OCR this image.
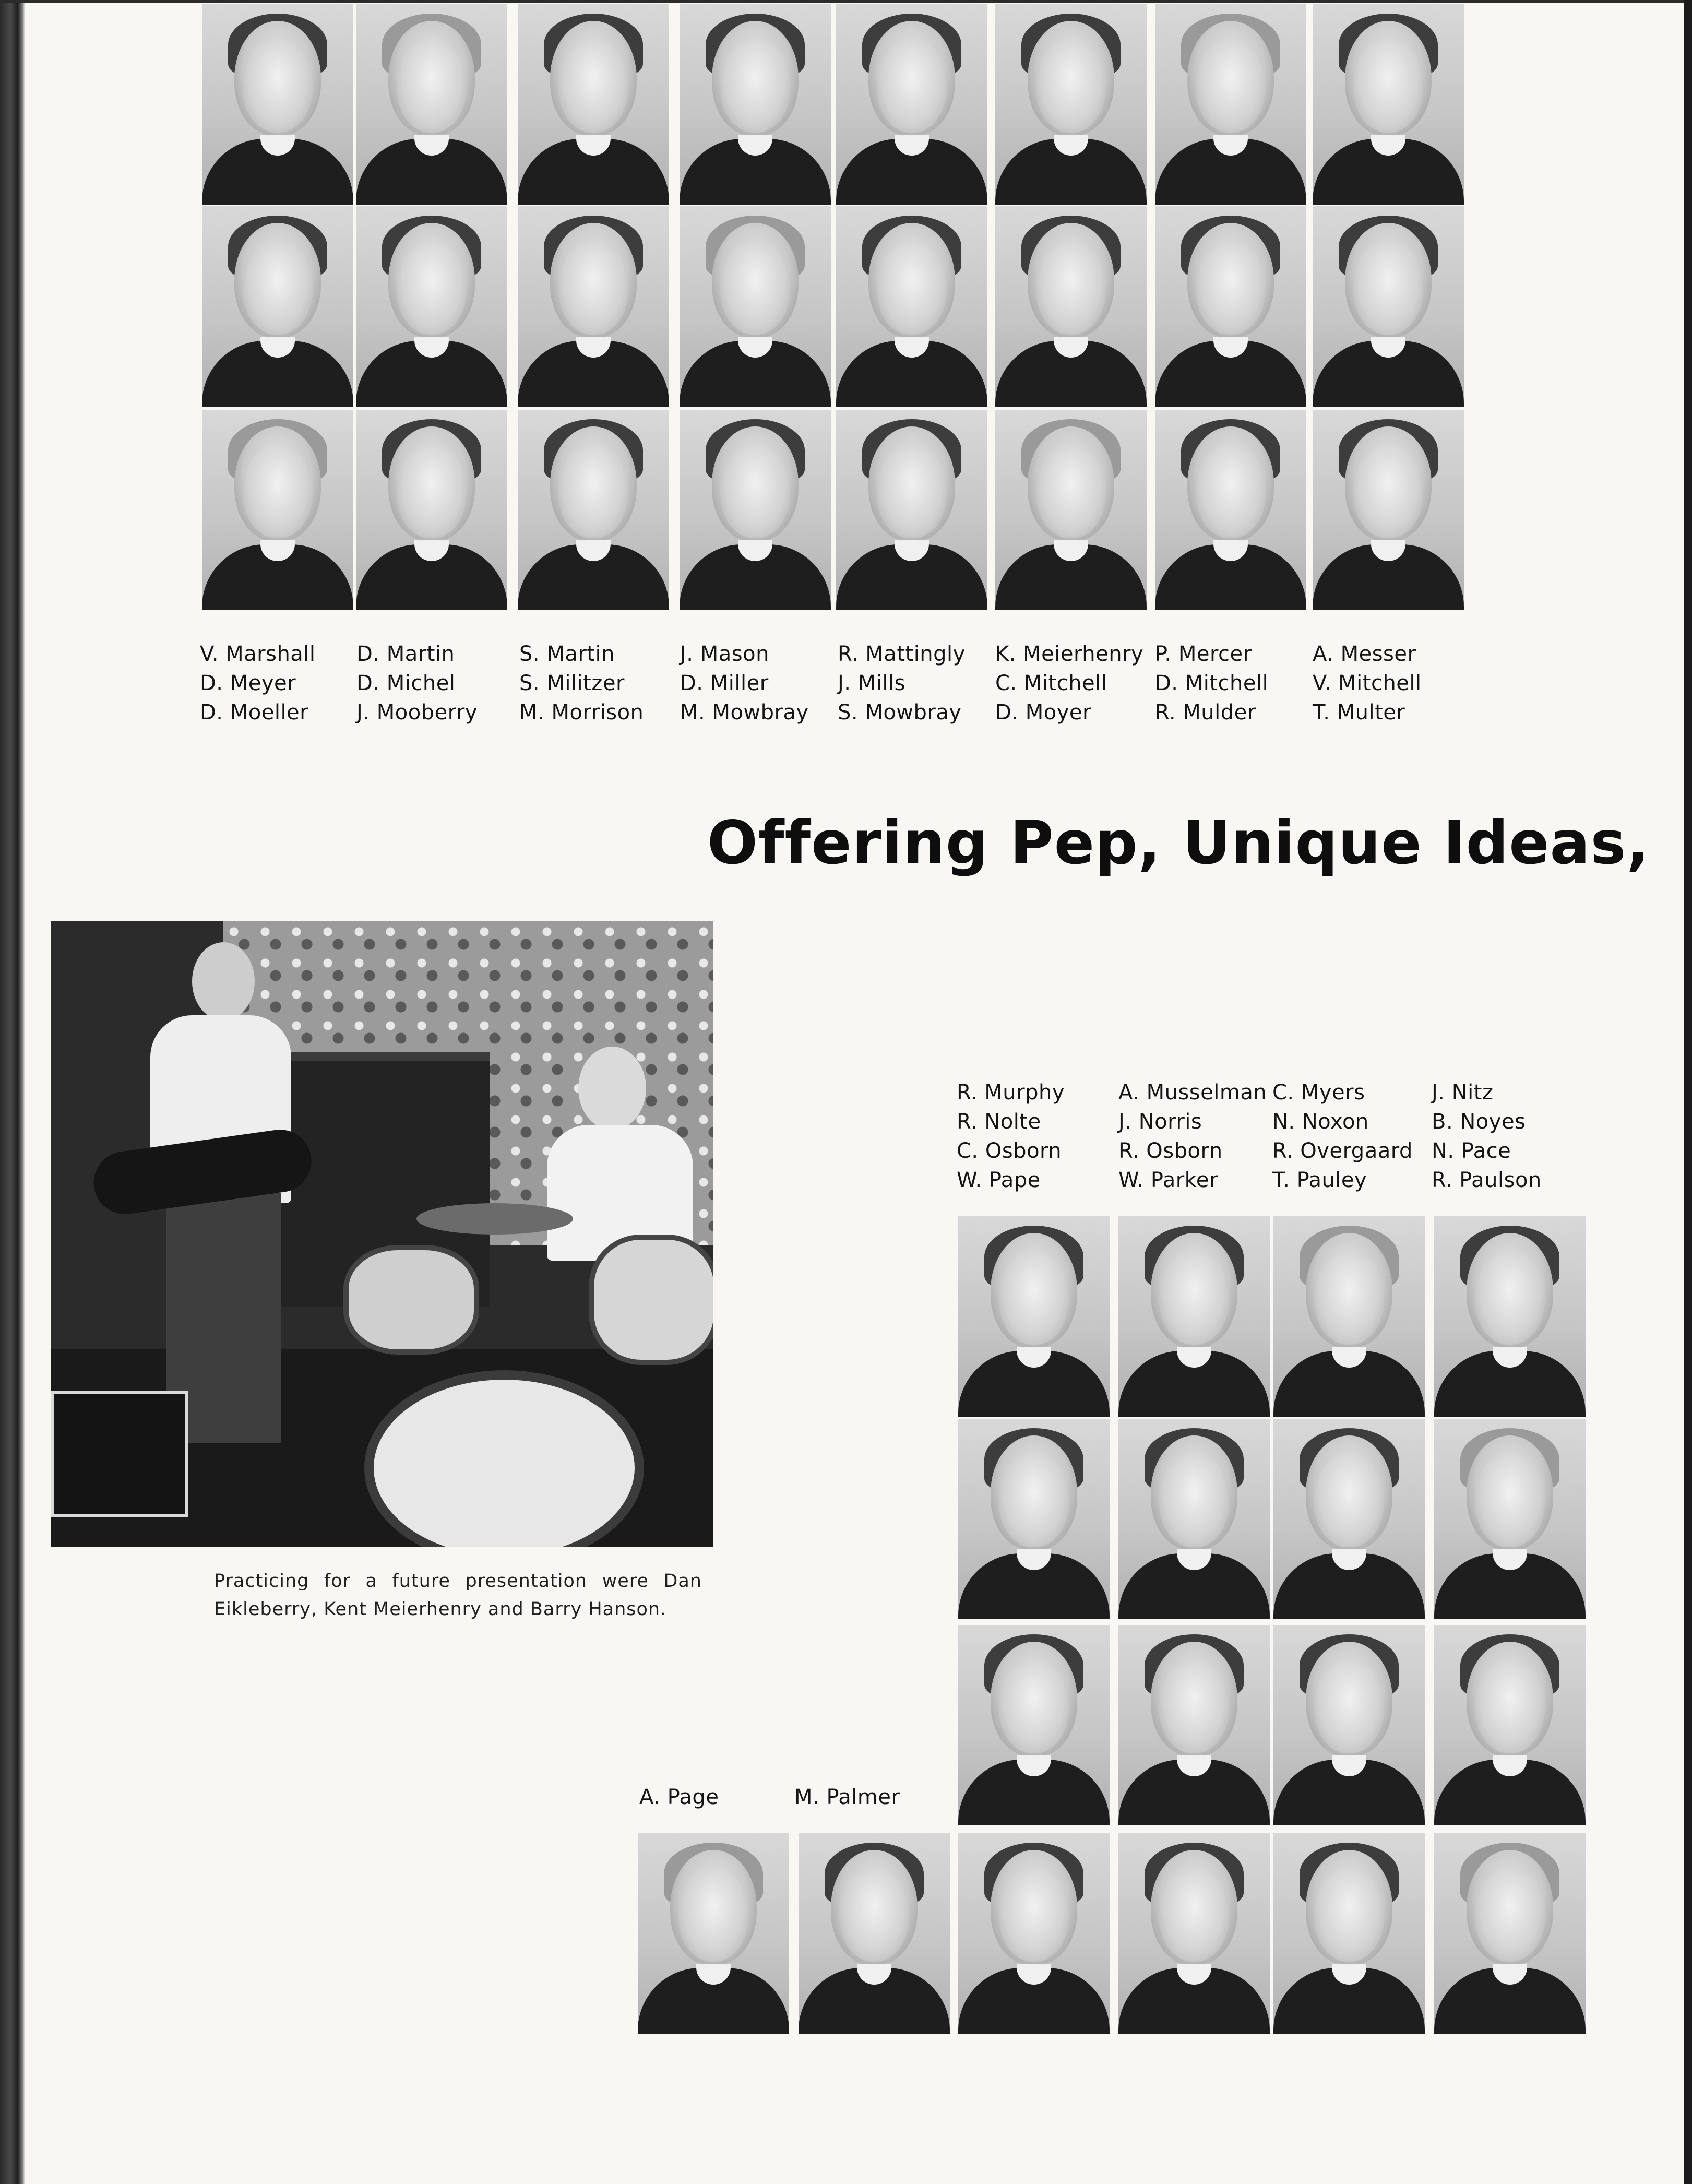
V. Marshall
D. Meyer
D. Moeller
D. Martin
D. Michel
J. Mooberry
S. Martin
S. Militzer
M. Morrison
J. Mason
D. Miller
M. Mowbray
R. Mattingly
J. Mills
S. Mowbray
K. Meierhenry
C. Mitchell
D. Moyer
P. Mercer
D. Mitchell
R. Mulder
A. Messer
V. Mitchell
T. Multer
Offering Pep, Unique Ideas,
Practicing for a future presentation were Dan Eikleberry, Kent Meierhenry and Barry Hanson.
R. Murphy
R. Nolte
C. Osborn
W. Pape
A. Musselman
J. Norris
R. Osborn
W. Parker
C. Myers
N. Noxon
R. Overgaard
T. Pauley
J. Nitz
B. Noyes
N. Pace
R. Paulson
A. Page	M. Palmer
